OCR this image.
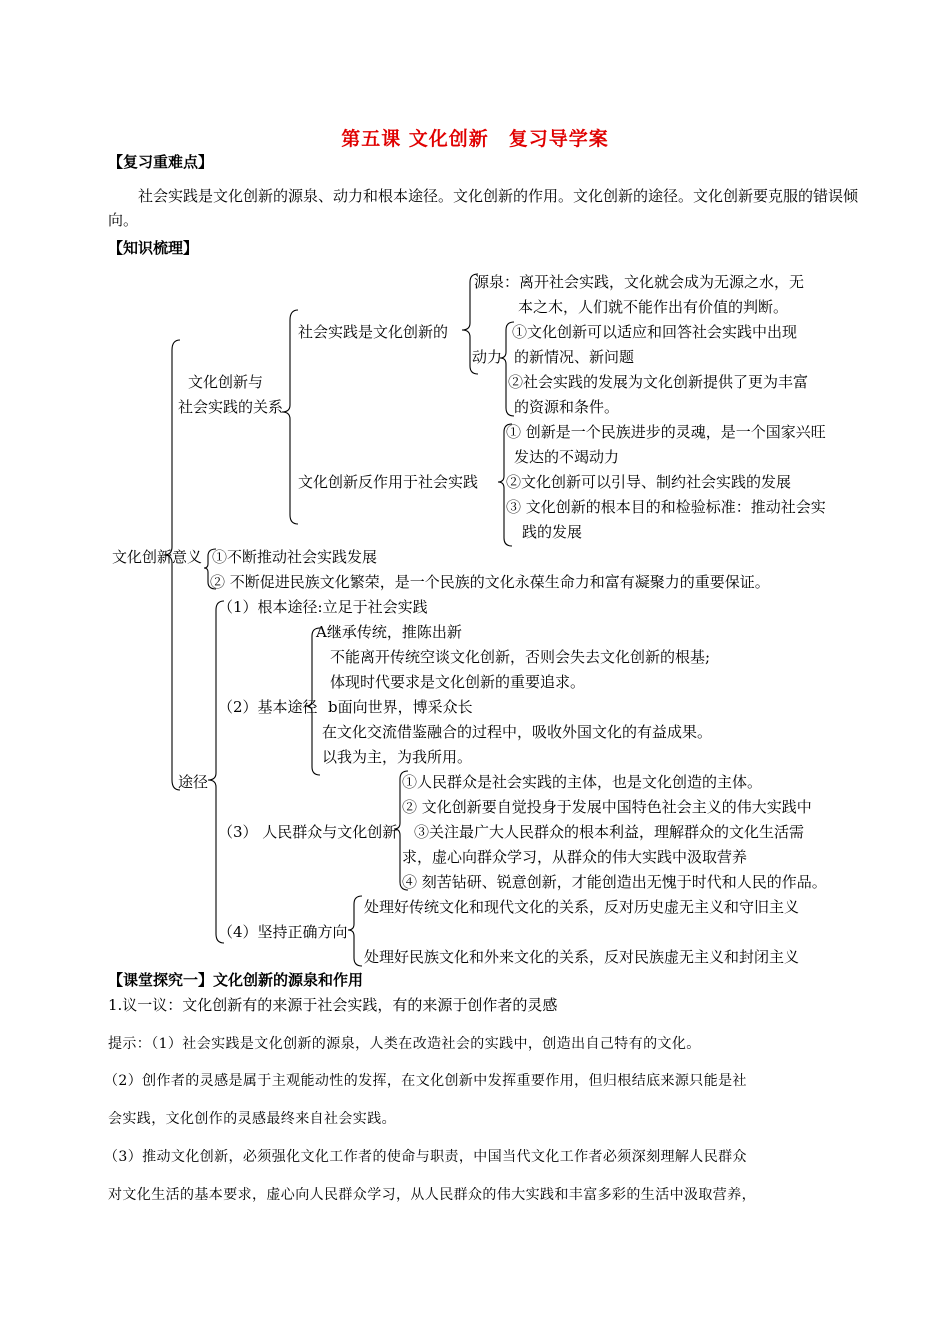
第五课 文化创新　复习导学案
【复习重难点】
社会实践是文化创新的源泉、动力和根本途径。文化创新的作用。文化创新的途径。文化创新要克服的错误倾向。
【知识梳理】
文化创新意义
文化创新与
社会实践的关系
社会实践是文化创新的
源泉：离开社会实践，文化就会成为无源之水，无
本之木，人们就不能作出有价值的判断。
动力
①文化创新可以适应和回答社会实践中出现
的新情况、新问题
②社会实践的发展为文化创新提供了更为丰富
的资源和条件。
文化创新反作用于社会实践
① 创新是一个民族进步的灵魂，是一个国家兴旺
发达的不竭动力
②文化创新可以引导、制约社会实践的发展
③ 文化创新的根本目的和检验标准：推动社会实
践的发展
①不断推动社会实践发展
② 不断促进民族文化繁荣，是一个民族的文化永葆生命力和富有凝聚力的重要保证。
途径
（1）根本途径:立足于社会实践
（2）基本途径
A继承传统，推陈出新
不能离开传统空谈文化创新，否则会失去文化创新的根基;
体现时代要求是文化创新的重要追求。
b面向世界，博采众长
在文化交流借鉴融合的过程中，吸收外国文化的有益成果。
以我为主，为我所用。
（3） 人民群众与文化创新
①人民群众是社会实践的主体，也是文化创造的主体。
② 文化创新要自觉投身于发展中国特色社会主义的伟大实践中
③关注最广大人民群众的根本利益，理解群众的文化生活需
求，虚心向群众学习，从群众的伟大实践中汲取营养
④ 刻苦钻研、锐意创新，才能创造出无愧于时代和人民的作品。
（4）坚持正确方向
处理好传统文化和现代文化的关系，反对历史虚无主义和守旧主义
处理好民族文化和外来文化的关系，反对民族虚无主义和封闭主义
【课堂探究一】文化创新的源泉和作用
1.议一议：文化创新有的来源于社会实践，有的来源于创作者的灵感
提示：（1）社会实践是文化创新的源泉，人类在改造社会的实践中，创造出自己特有的文化。
（2）创作者的灵感是属于主观能动性的发挥，在文化创新中发挥重要作用，但归根结底来源只能是社
会实践，文化创作的灵感最终来自社会实践。
（3）推动文化创新，必须强化文化工作者的使命与职责，中国当代文化工作者必须深刻理解人民群众
对文化生活的基本要求，虚心向人民群众学习，从人民群众的伟大实践和丰富多彩的生活中汲取营养，
